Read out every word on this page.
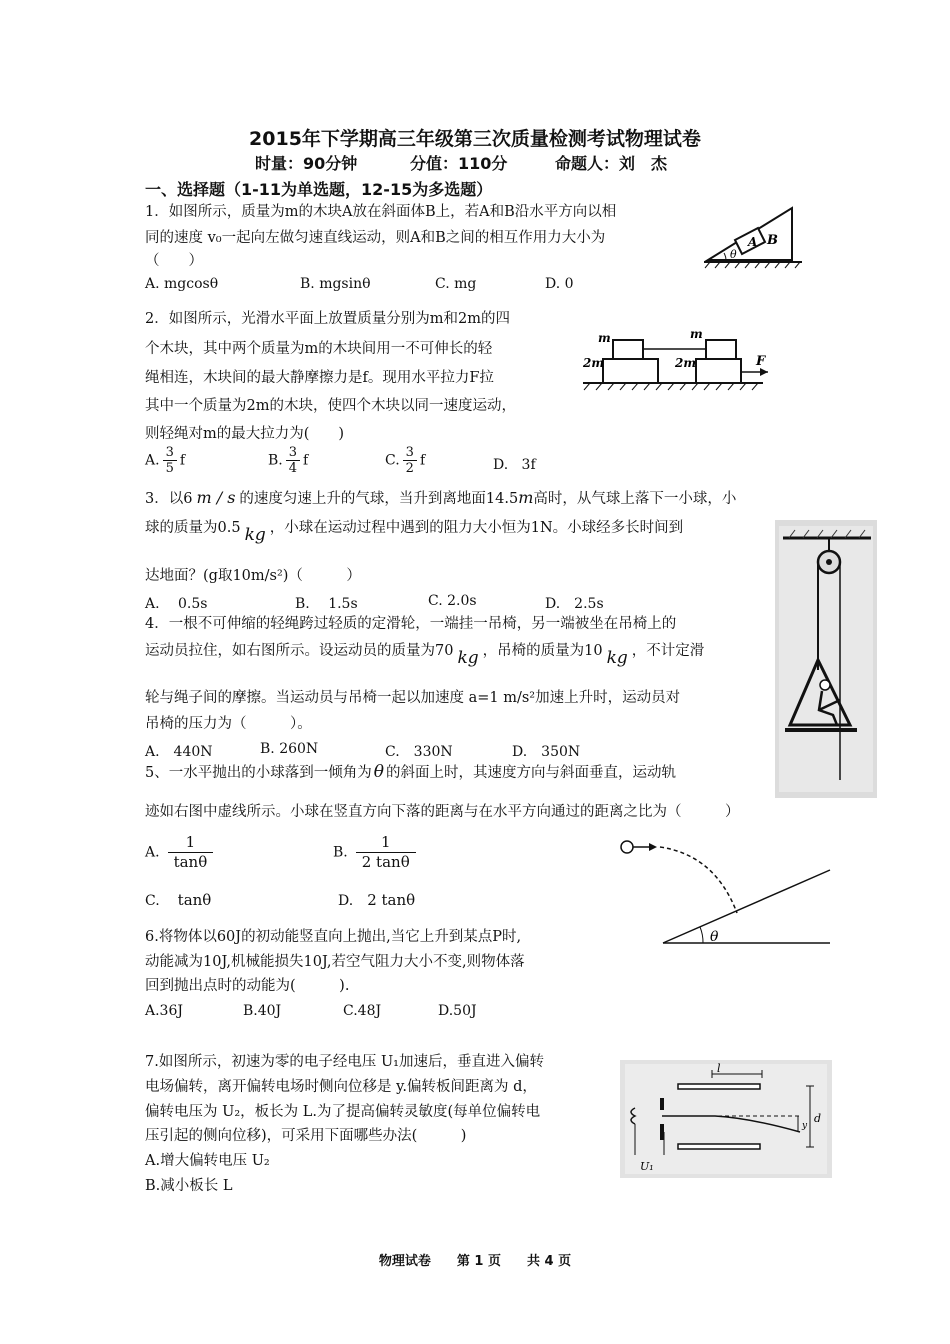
2015年下学期高三年级第三次质量检测考试物理试卷
时量：90分钟	分值：110分	命题人：刘　杰
一、选择题（1-11为单选题，12-15为多选题）
1．如图所示，质量为m的木块A放在斜面体B上，若A和B沿水平方向以相
同的速度 v₀一起向左做匀速直线运动，则A和B之间的相互作用力大小为
（　　）
A. mgcosθ	B. mgsinθ	C. mg	D. 0
A B
θ
2．如图所示，光滑水平面上放置质量分别为m和2m的四
个木块，其中两个质量为m的木块间用一不可伸长的轻
绳相连，木块间的最大静摩擦力是f。现用水平拉力F拉
其中一个质量为2m的木块，使四个木块以同一速度运动，
则轻绳对m的最大拉力为(　　)
A. $\frac{3}{5}$ f	B. $\frac{3}{4}$ f	C. $\frac{3}{2}$ f	D. 3f
m	m
2m	2m	F
3．以6 m / s 的速度匀速上升的气球，当升到离地面14.5m高时，从气球上落下一小球，小
球的质量为0.5 kg ，小球在运动过程中遇到的阻力大小恒为1N。小球经多长时间到
达地面？(g取10m/s²)（　　　）
A.　 0.5s	B.　 1.5s	C. 2.0s	D.　2.5s
4．一根不可伸缩的轻绳跨过轻质的定滑轮，一端挂一吊椅，另一端被坐在吊椅上的
运动员拉住，如右图所示。设运动员的质量为70 kg ，吊椅的质量为10 kg ，不计定滑
轮与绳子间的摩擦。当运动员与吊椅一起以加速度 a=1 m/s²加速上升时，运动员对
吊椅的压力为（　　　）。
A.　440N	B. 260N	C.　330N	D.　350N
5、一水平抛出的小球落到一倾角为 θ 的斜面上时，其速度方向与斜面垂直，运动轨
迹如右图中虚线所示。小球在竖直方向下落的距离与在水平方向通过的距离之比为（　　　）
A. $\frac{1}{\tan\theta}$	B. $\frac{1}{2 \tan\theta}$
C. tanθ	D. 2 tanθ
θ
6.将物体以60J的初动能竖直向上抛出,当它上升到某点P时,
动能减为10J,机械能损失10J,若空气阻力大小不变,则物体落
回到抛出点时的动能为(　　　).
A.36J	B.40J	C.48J	D.50J
7.如图所示，初速为零的电子经电压 U₁加速后，垂直进入偏转
电场偏转，离开偏转电场时侧向位移是 y.偏转板间距离为 d，
偏转电压为 U₂，板长为 L.为了提高偏转灵敏度(每单位偏转电
压引起的侧向位移)，可采用下面哪些办法(　　　)
A.增大偏转电压 U₂
B.减小板长 L
l
U₁
y
d
物理试卷　　第 1 页　　共 4 页
